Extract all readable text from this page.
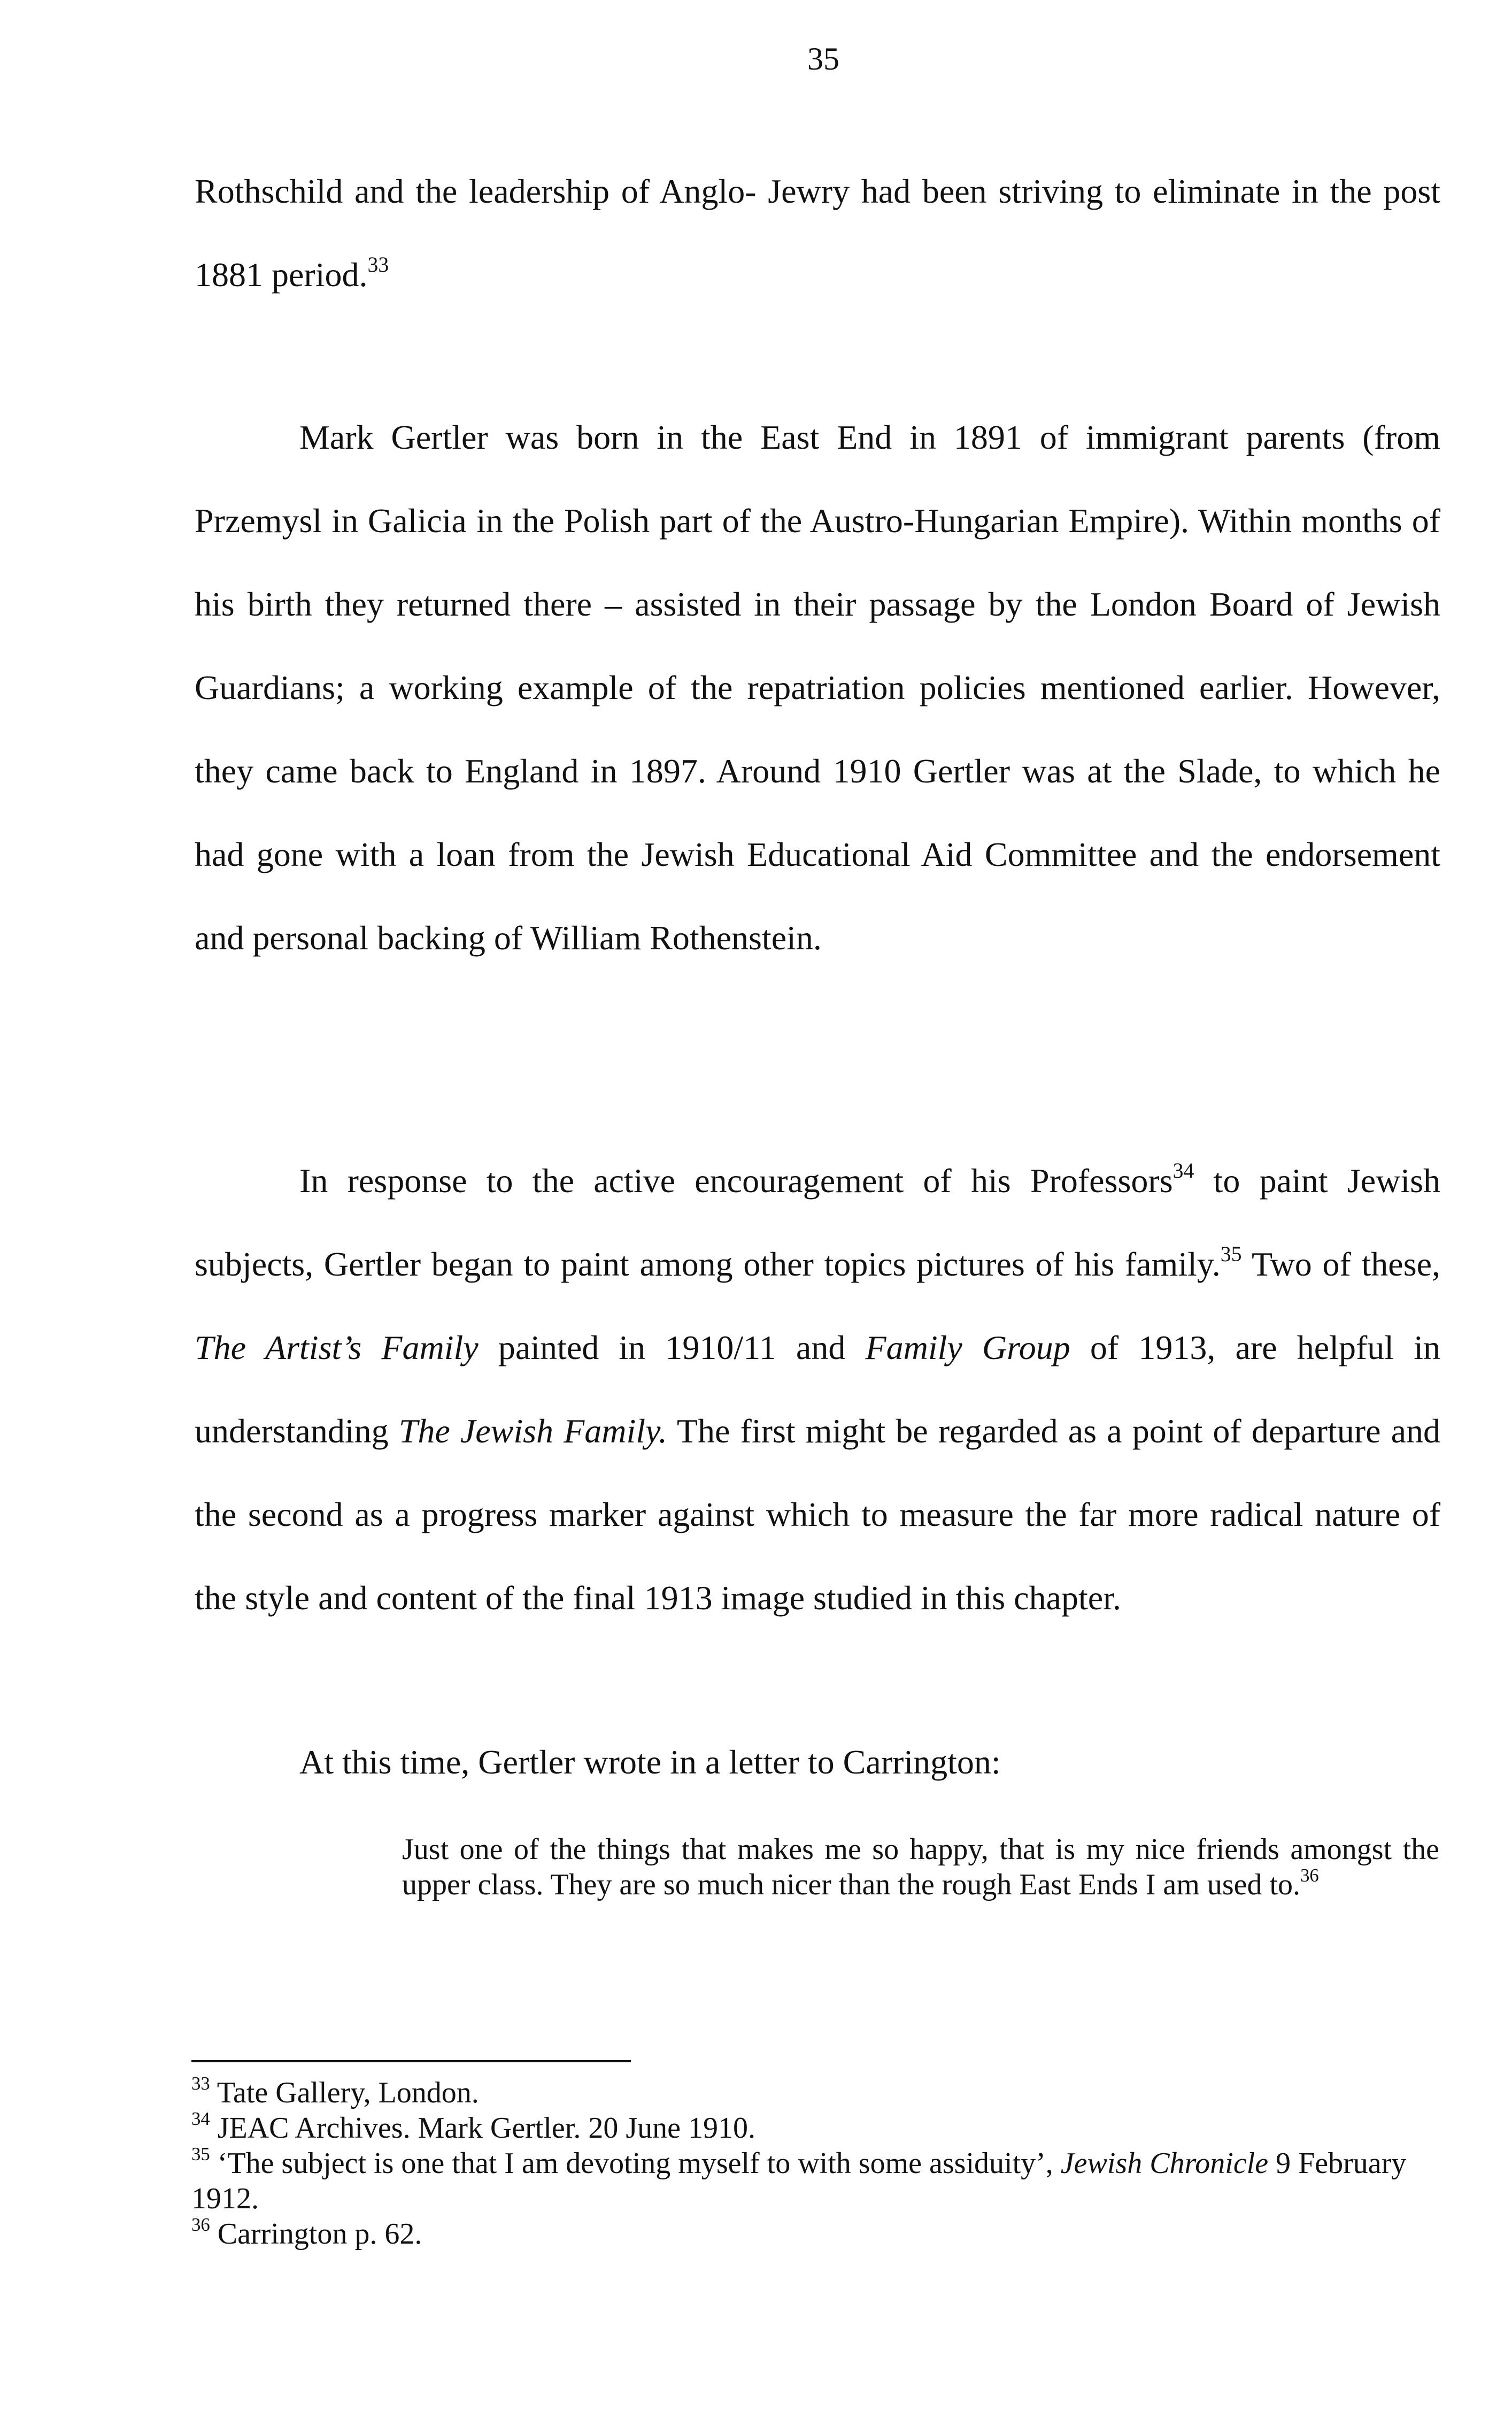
35

Rothschild and the leadership of Anglo- Jewry had been striving to eliminate in the post 1881 period.$^{33}$

Mark Gertler was born in the East End in 1891 of immigrant parents (from Przemysl in Galicia in the Polish part of the Austro-Hungarian Empire). Within months of his birth they returned there – assisted in their passage by the London Board of Jewish Guardians; a working example of the repatriation policies mentioned earlier. However, they came back to England in 1897. Around 1910 Gertler was at the Slade, to which he had gone with a loan from the Jewish Educational Aid Committee and the endorsement and personal backing of William Rothenstein.

In response to the active encouragement of his Professors$^{34}$ to paint Jewish subjects, Gertler began to paint among other topics pictures of his family.$^{35}$ Two of these, The Artist’s Family painted in 1910/11 and Family Group of 1913, are helpful in understanding The Jewish Family. The first might be regarded as a point of departure and the second as a progress marker against which to measure the far more radical nature of the style and content of the final 1913 image studied in this chapter.

At this time, Gertler wrote in a letter to Carrington:

Just one of the things that makes me so happy, that is my nice friends amongst the upper class. They are so much nicer than the rough East Ends I am used to.$^{36}$

$^{33}$ Tate Gallery, London.
$^{34}$ JEAC Archives. Mark Gertler. 20 June 1910.
$^{35}$ ‘The subject is one that I am devoting myself to with some assiduity’, Jewish Chronicle 9 February 1912.
$^{36}$ Carrington p. 62.
